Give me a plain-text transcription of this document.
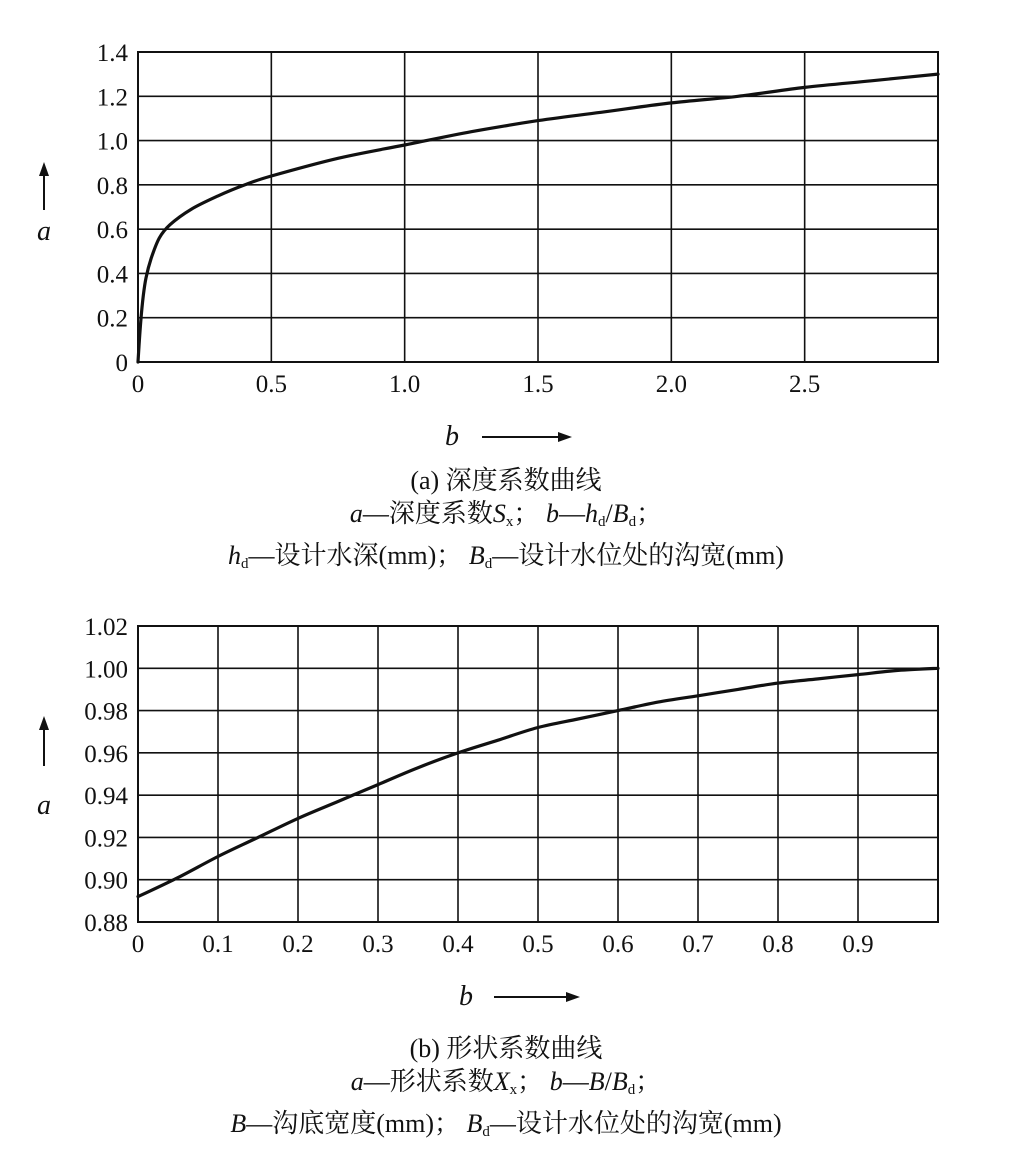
0	0.5	1.0	1.5	2.0	2.5
0
0.2
0.4
0.6
0.8
1.0
1.2
1.4
a
b
0 0.1 0.2 0.3 0.4 0.5 0.6 0.7 0.8 0.9
0.88
0.90
0.92
0.94
0.96
0.98
1.00
1.02
a
b
(a) 深度系数曲线
a—深度系数$S_x$； $b—h_d/B_d$；
$h_d—$设计水深(mm)； $B_d—$设计水位处的沟宽(mm)
(b) 形状系数曲线
a—形状系数$X_x$； $b—B/B_d$；
B—沟底宽度(mm)； $B_d—$设计水位处的沟宽(mm)
